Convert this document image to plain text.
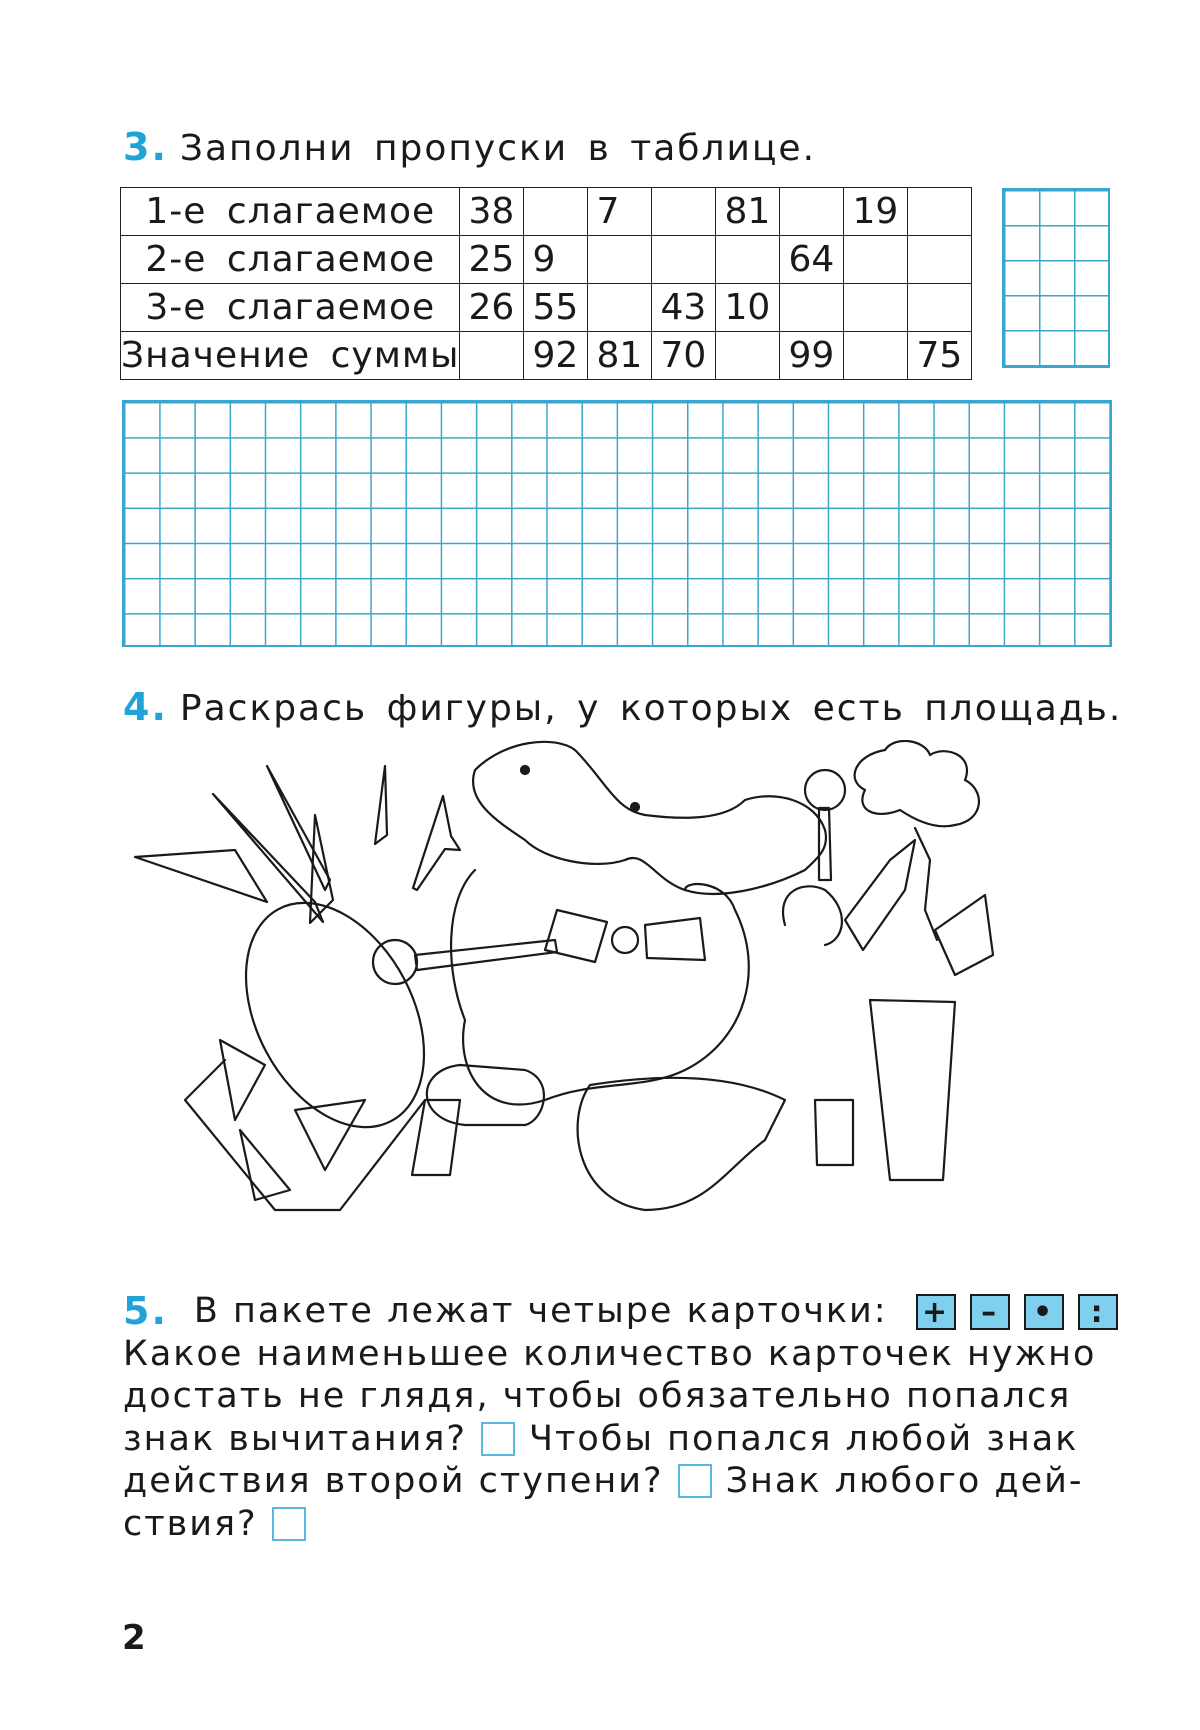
3. Заполни пропуски в таблице.
1-е слагаемое	38		7		81		19	
2-е слагаемое	25	9				64		
3-е слагаемое	26	55		43	10			
Значение суммы		92	81	70		99		75
4. Раскрась фигуры, у которых есть площадь.
5. В пакете лежат четыре карточки:	+ – • :
Какое наименьшее количество карточек нужно
достать не глядя, чтобы обязательно попался
знак вычитания? Чтобы попался любой знак
действия второй ступени? Знак любого дей-
ствия?
2
